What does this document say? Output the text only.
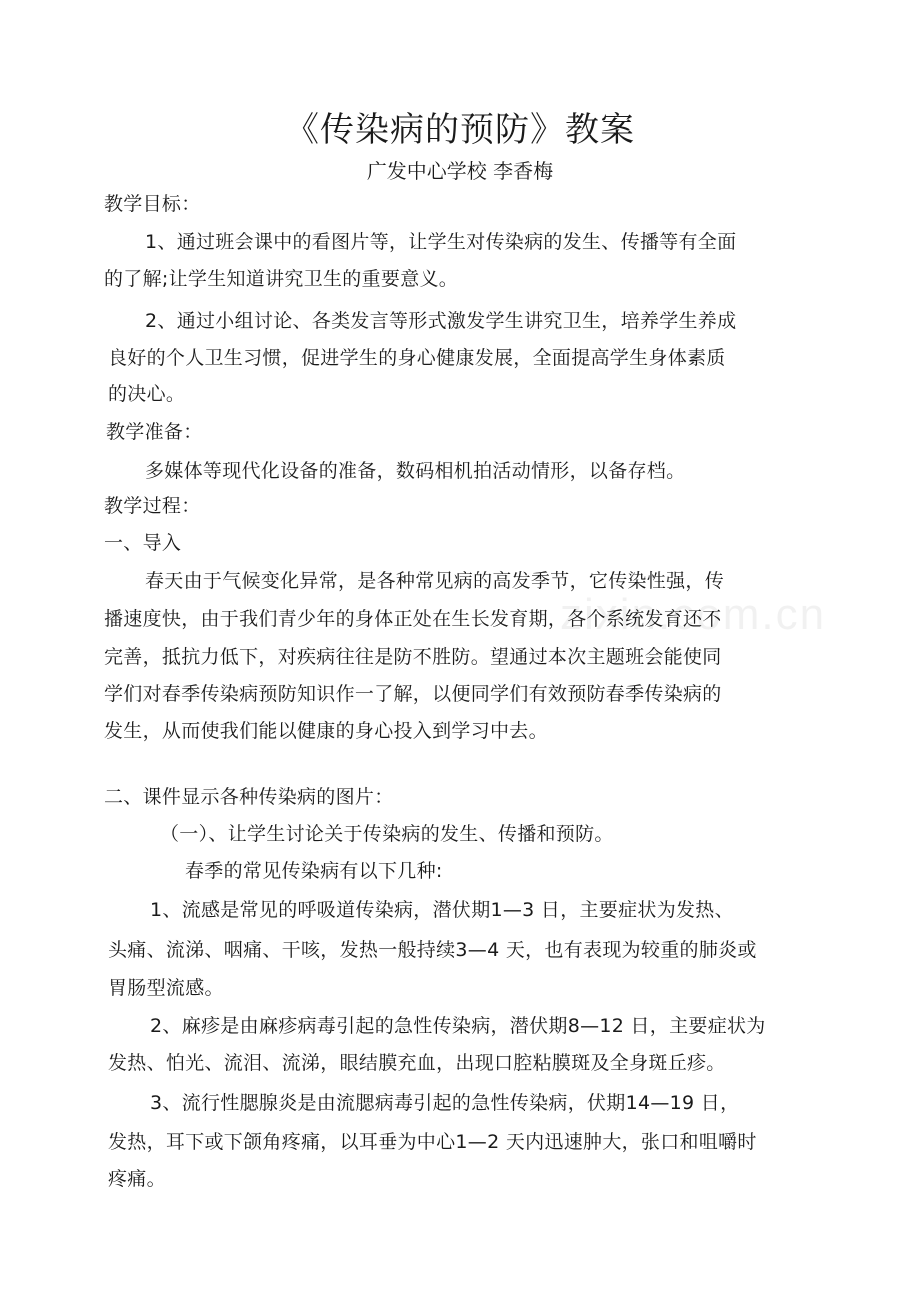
《传染病的预防》教案
广发中心学校 李香梅
教学目标：
1、通过班会课中的看图片等，让学生对传染病的发生、传播等有全面
的了解;让学生知道讲究卫生的重要意义。
2、通过小组讨论、各类发言等形式激发学生讲究卫生，培养学生养成
良好的个人卫生习惯，促进学生的身心健康发展，全面提高学生身体素质
的决心。
教学准备：
多媒体等现代化设备的准备，数码相机拍活动情形，以备存档。
教学过程：
一、导入
春天由于气候变化异常，是各种常见病的高发季节，它传染性强，传
播速度快，由于我们青少年的身体正处在生长发育期，各个系统发育还不
完善，抵抗力低下，对疾病往往是防不胜防。望通过本次主题班会能使同
学们对春季传染病预防知识作一了解，以便同学们有效预防春季传染病的
发生，从而使我们能以健康的身心投入到学习中去。
二、课件显示各种传染病的图片：
（一）、让学生讨论关于传染病的发生、传播和预防。
春季的常见传染病有以下几种:
1、流感是常见的呼吸道传染病，潜伏期1—3 日，主要症状为发热、
头痛、流涕、咽痛、干咳，发热一般持续3—4 天，也有表现为较重的肺炎或
胃肠型流感。
2、麻疹是由麻疹病毒引起的急性传染病，潜伏期8—12 日，主要症状为
发热、怕光、流泪、流涕，眼结膜充血，出现口腔粘膜斑及全身斑丘疹。
3、流行性腮腺炎是由流腮病毒引起的急性传染病，伏期14—19 日，
发热，耳下或下颌角疼痛，以耳垂为中心1—2 天内迅速肿大，张口和咀嚼时
疼痛。
zixin.com.cn
